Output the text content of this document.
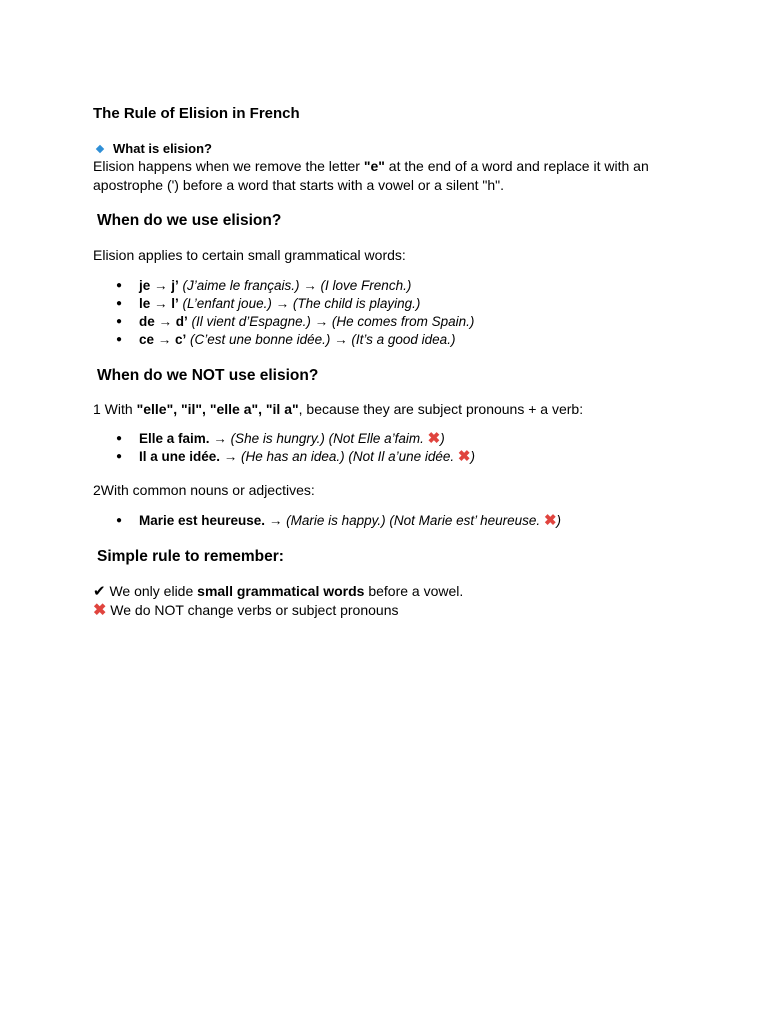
The Rule of Elision in French
What is elision?

Elision happens when we remove the letter "e" at the end of a word and replace it with an apostrophe (') before a word that starts with a vowel or a silent "h".

When do we use elision?

Elision applies to certain small grammatical words:

● je → j’ (J’aime le français.) → (I love French.)
● le → l’ (L’enfant joue.) → (The child is playing.)
● de → d’ (Il vient d’Espagne.) → (He comes from Spain.)
● ce → c’ (C’est une bonne idée.) → (It’s a good idea.)
When do we NOT use elision?

1 With "elle", "il", "elle a", "il a", because they are subject pronouns + a verb:

● Elle a faim. → (She is hungry.) (Not Elle a’faim. ✖)
● Il a une idée. → (He has an idea.) (Not Il a’une idée. ✖)

2With common nouns or adjectives:

● Marie est heureuse. → (Marie is happy.) (Not Marie est’ heureuse. ✖)
Simple rule to remember:

✔ We only elide small grammatical words before a vowel.

✖ We do NOT change verbs or subject pronouns
